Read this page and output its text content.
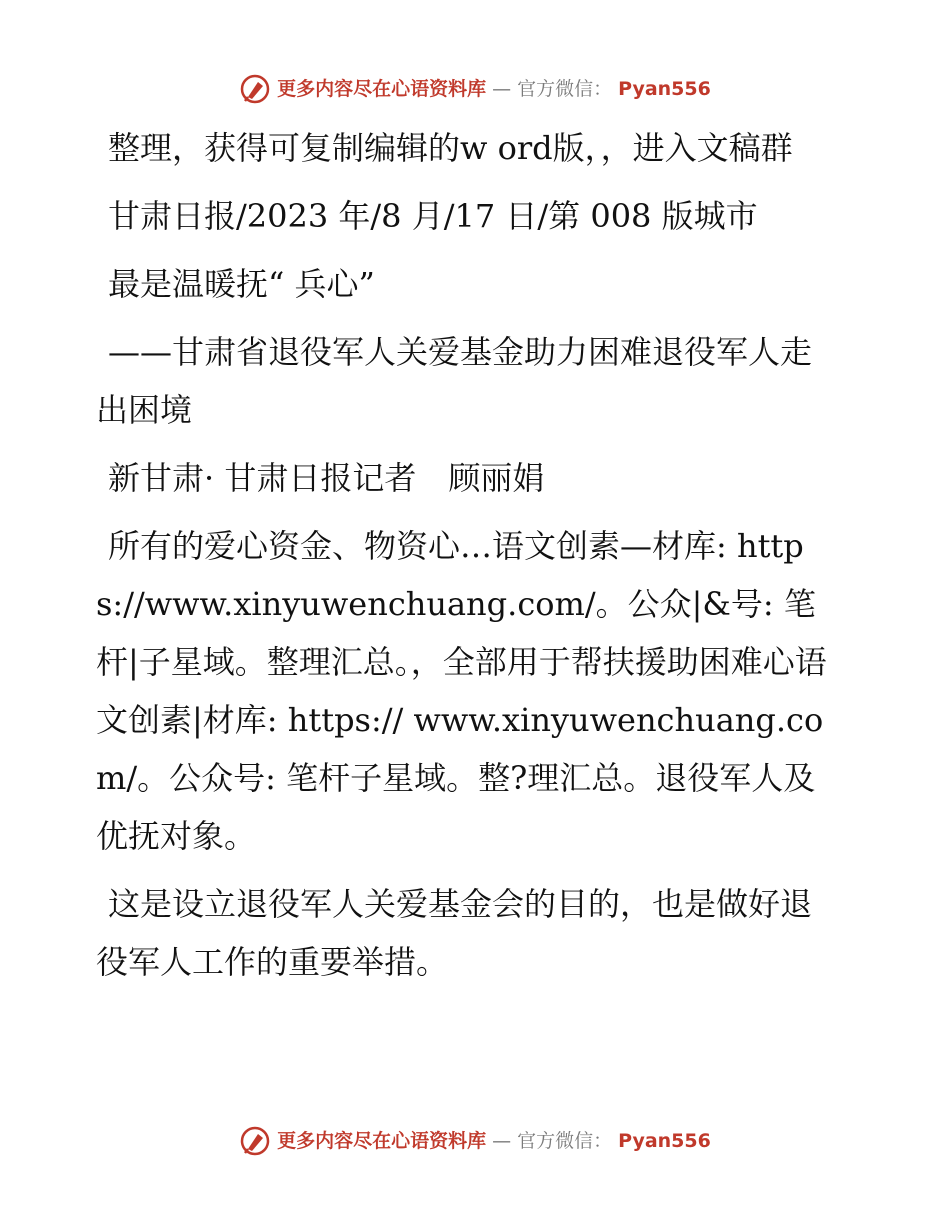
更多内容尽在心语资料库 — 官方微信： Pyan556

整理，获得可复制编辑的w ord版，，进入文稿群

甘肃日报/2023 年/8 月/17 日/第 008 版城市

最是温暖抚“ 兵心”

——甘肃省退役军人关爱基金助力困难退役军人走出困境

新甘肃· 甘肃日报记者　顾丽娟

所有的爱心资金、物资心…语文创素—材库: https://www.xinyuwenchuang.com/。公众|&号: 笔杆|子星域。整理汇总。，全部用于帮扶援助困难心语文创素|材库: https:// www.xinyuwenchuang.com/。公众号: 笔杆子星域。整?理汇总。退役军人及优抚对象。

这是设立退役军人关爱基金会的目的，也是做好退役军人工作的重要举措。

更多内容尽在心语资料库 — 官方微信： Pyan556
